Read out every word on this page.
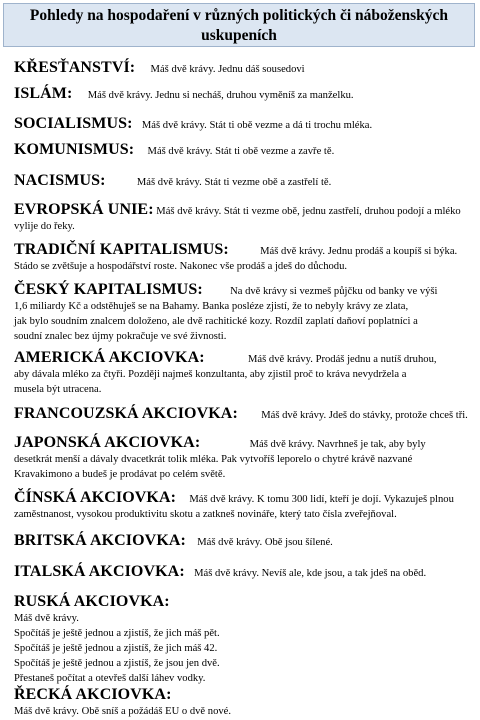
Pohledy na hospodaření v různých politických či náboženských
uskupeních
KŘESŤANSTVÍ: Máš dvě krávy. Jednu dáš sousedovi
ISLÁM: Máš dvě krávy. Jednu si necháš, druhou vyměníš za manželku.
SOCIALISMUS: Máš dvě krávy. Stát ti obě vezme a dá ti trochu mléka.
KOMUNISMUS: Máš dvě krávy. Stát ti obě vezme a zavře tě.
NACISMUS:	Máš dvě krávy. Stát ti vezme obě a zastřelí tě.
EVROPSKÁ UNIE: Máš dvě krávy. Stát ti vezme obě, jednu zastřelí, druhou podojí a mléko
vylije do řeky.
TRADIČNÍ KAPITALISMUS:	Máš dvě krávy. Jednu prodáš a koupíš si býka.
Stádo se zvětšuje a hospodářství roste. Nakonec vše prodáš a jdeš do důchodu.
ČESKÝ KAPITALISMUS:	Na dvě krávy si vezmeš půjčku od banky ve výši
1,6 miliardy Kč a odstěhuješ se na Bahamy. Banka posléze zjistí, že to nebyly krávy ze zlata,
jak bylo soudním znalcem doloženo, ale dvě rachitické kozy. Rozdíl zaplatí daňoví poplatníci a
soudní znalec bez újmy pokračuje ve své živnosti.
AMERICKÁ AKCIOVKA:	Máš dvě krávy. Prodáš jednu a nutíš druhou,
aby dávala mléko za čtyři. Později najmeš konzultanta, aby zjistil proč to kráva nevydržela a
musela být utracena.
FRANCOUZSKÁ AKCIOVKA: Máš dvě krávy. Jdeš do stávky, protože chceš tři.
JAPONSKÁ AKCIOVKA:	Máš dvě krávy. Navrhneš je tak, aby byly
desetkrát menší a dávaly dvacetkrát tolik mléka. Pak vytvoříš leporelo o chytré krávě nazvané
Kravakimono a budeš je prodávat po celém světě.
ČÍNSKÁ AKCIOVKA: Máš dvě krávy. K tomu 300 lidí, kteří je dojí. Vykazuješ plnou
zaměstnanost, vysokou produktivitu skotu a zatkneš novináře, který tato čísla zveřejňoval.
BRITSKÁ AKCIOVKA: Máš dvě krávy. Obě jsou šílené.
ITALSKÁ AKCIOVKA: Máš dvě krávy. Nevíš ale, kde jsou, a tak jdeš na oběd.
RUSKÁ AKCIOVKA:
Máš dvě krávy.
Spočítáš je ještě jednou a zjistíš, že jich máš pět.
Spočítáš je ještě jednou a zjistíš, že jich máš 42.
Spočítáš je ještě jednou a zjistíš, že jsou jen dvě.
Přestaneš počítat a otevřeš další láhev vodky.
ŘECKÁ AKCIOVKA:
Máš dvě krávy. Obě sníš a požádáš EU o dvě nové.
